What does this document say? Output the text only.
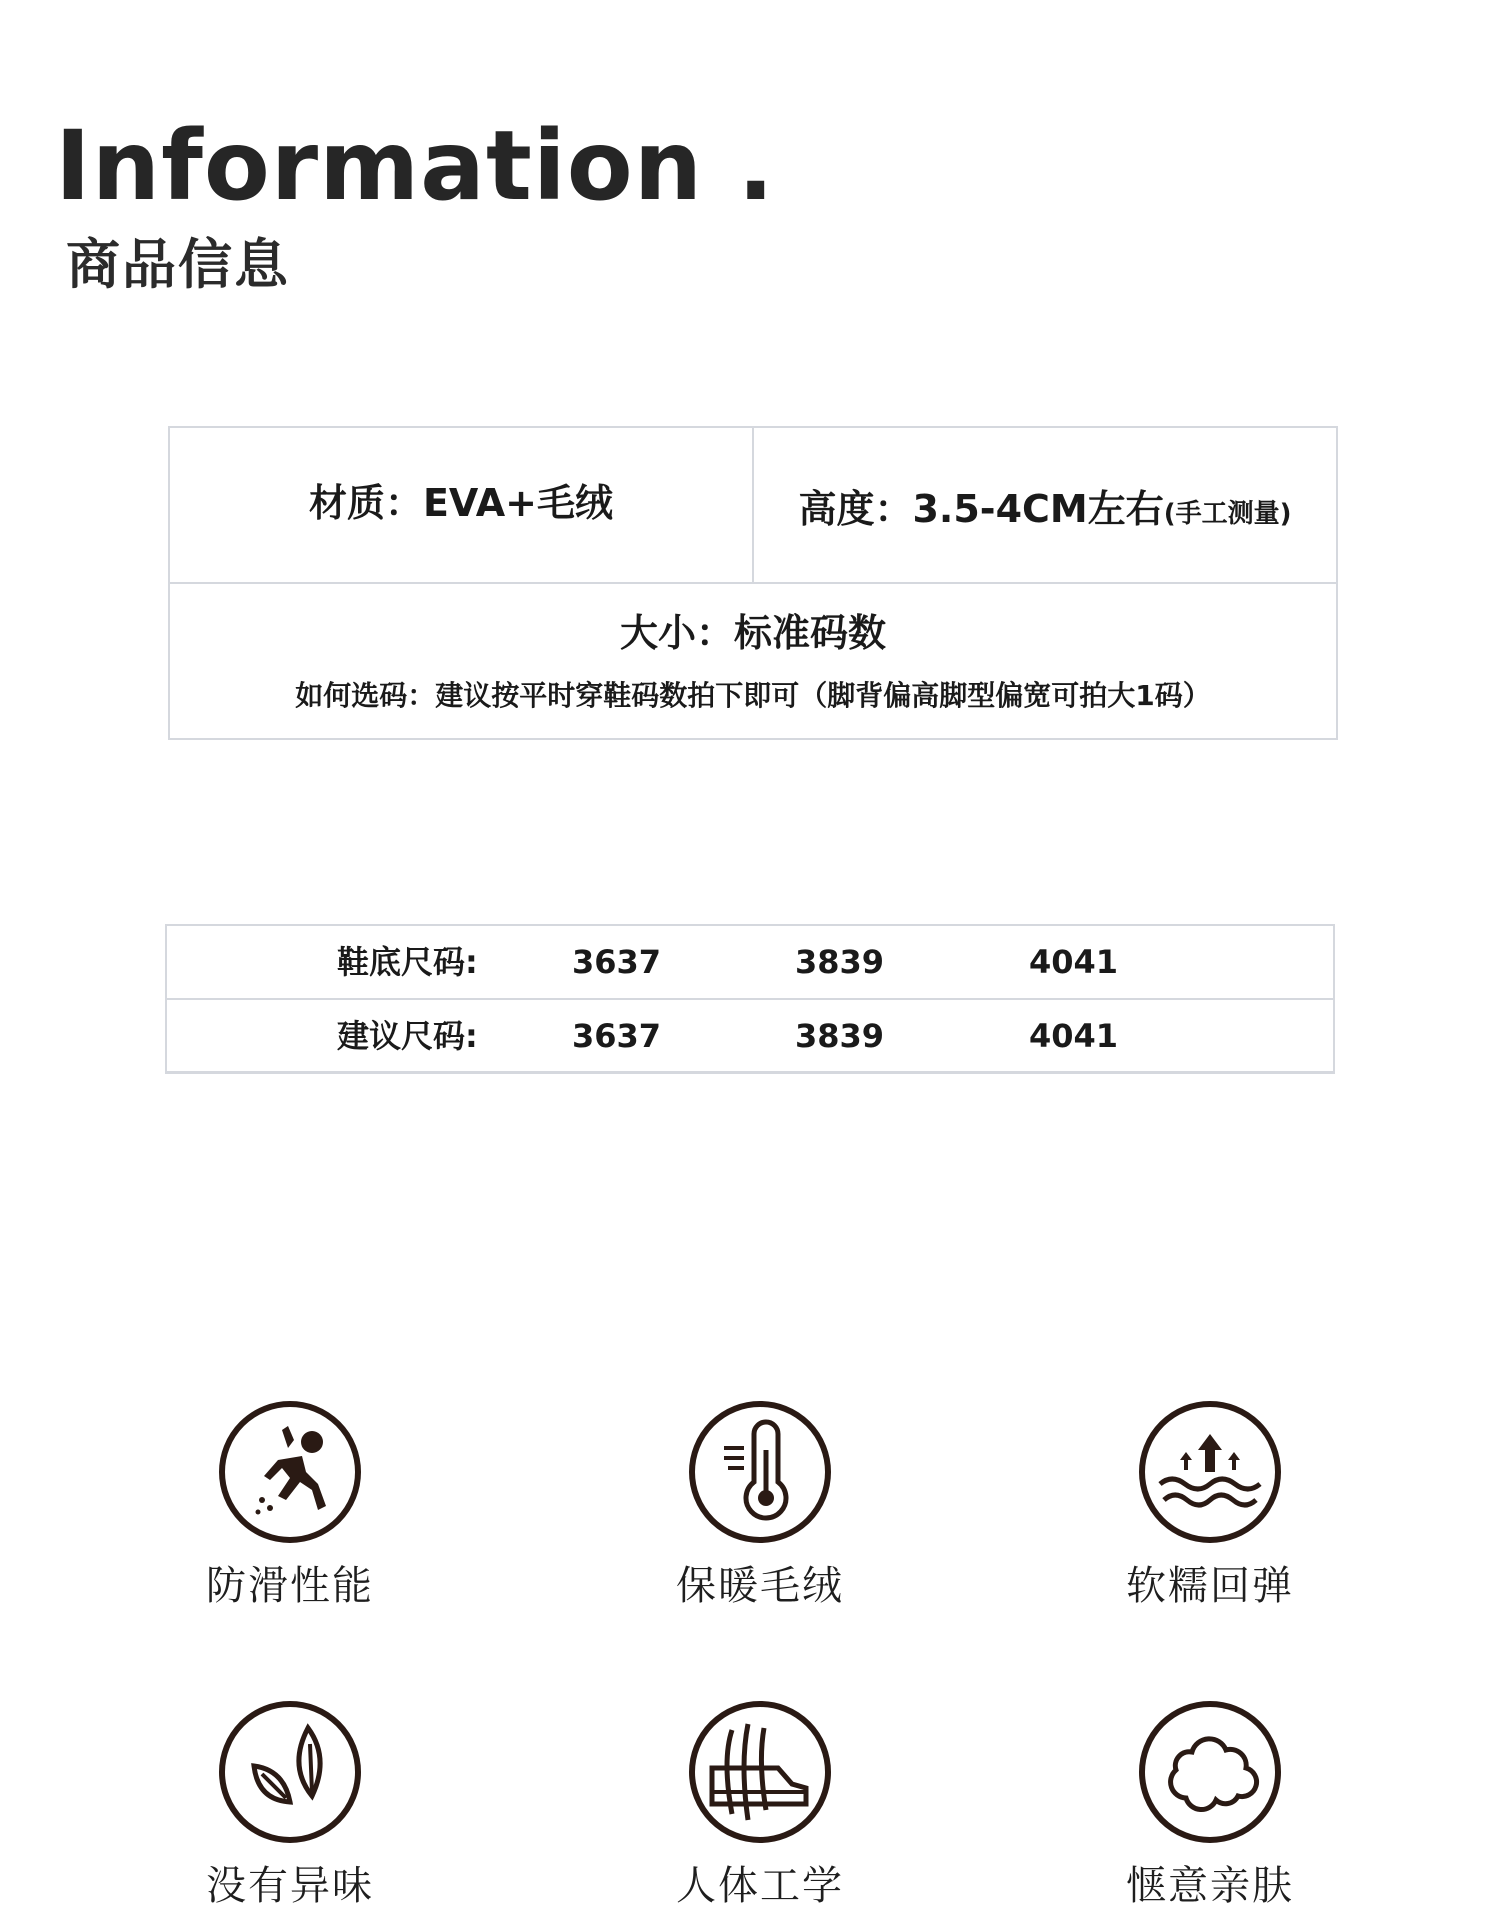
Information .
商品信息
材质：EVA+毛绒	高度：3.5-4CM左右(手工测量)
大小：标准码数
如何选码：建议按平时穿鞋码数拍下即可（脚背偏高脚型偏宽可拍大1码）
鞋底尺码:	3637	3839	4041
建议尺码:	3637	3839	4041
防滑性能	保暖毛绒	软糯回弹
没有异味	人体工学	惬意亲肤
